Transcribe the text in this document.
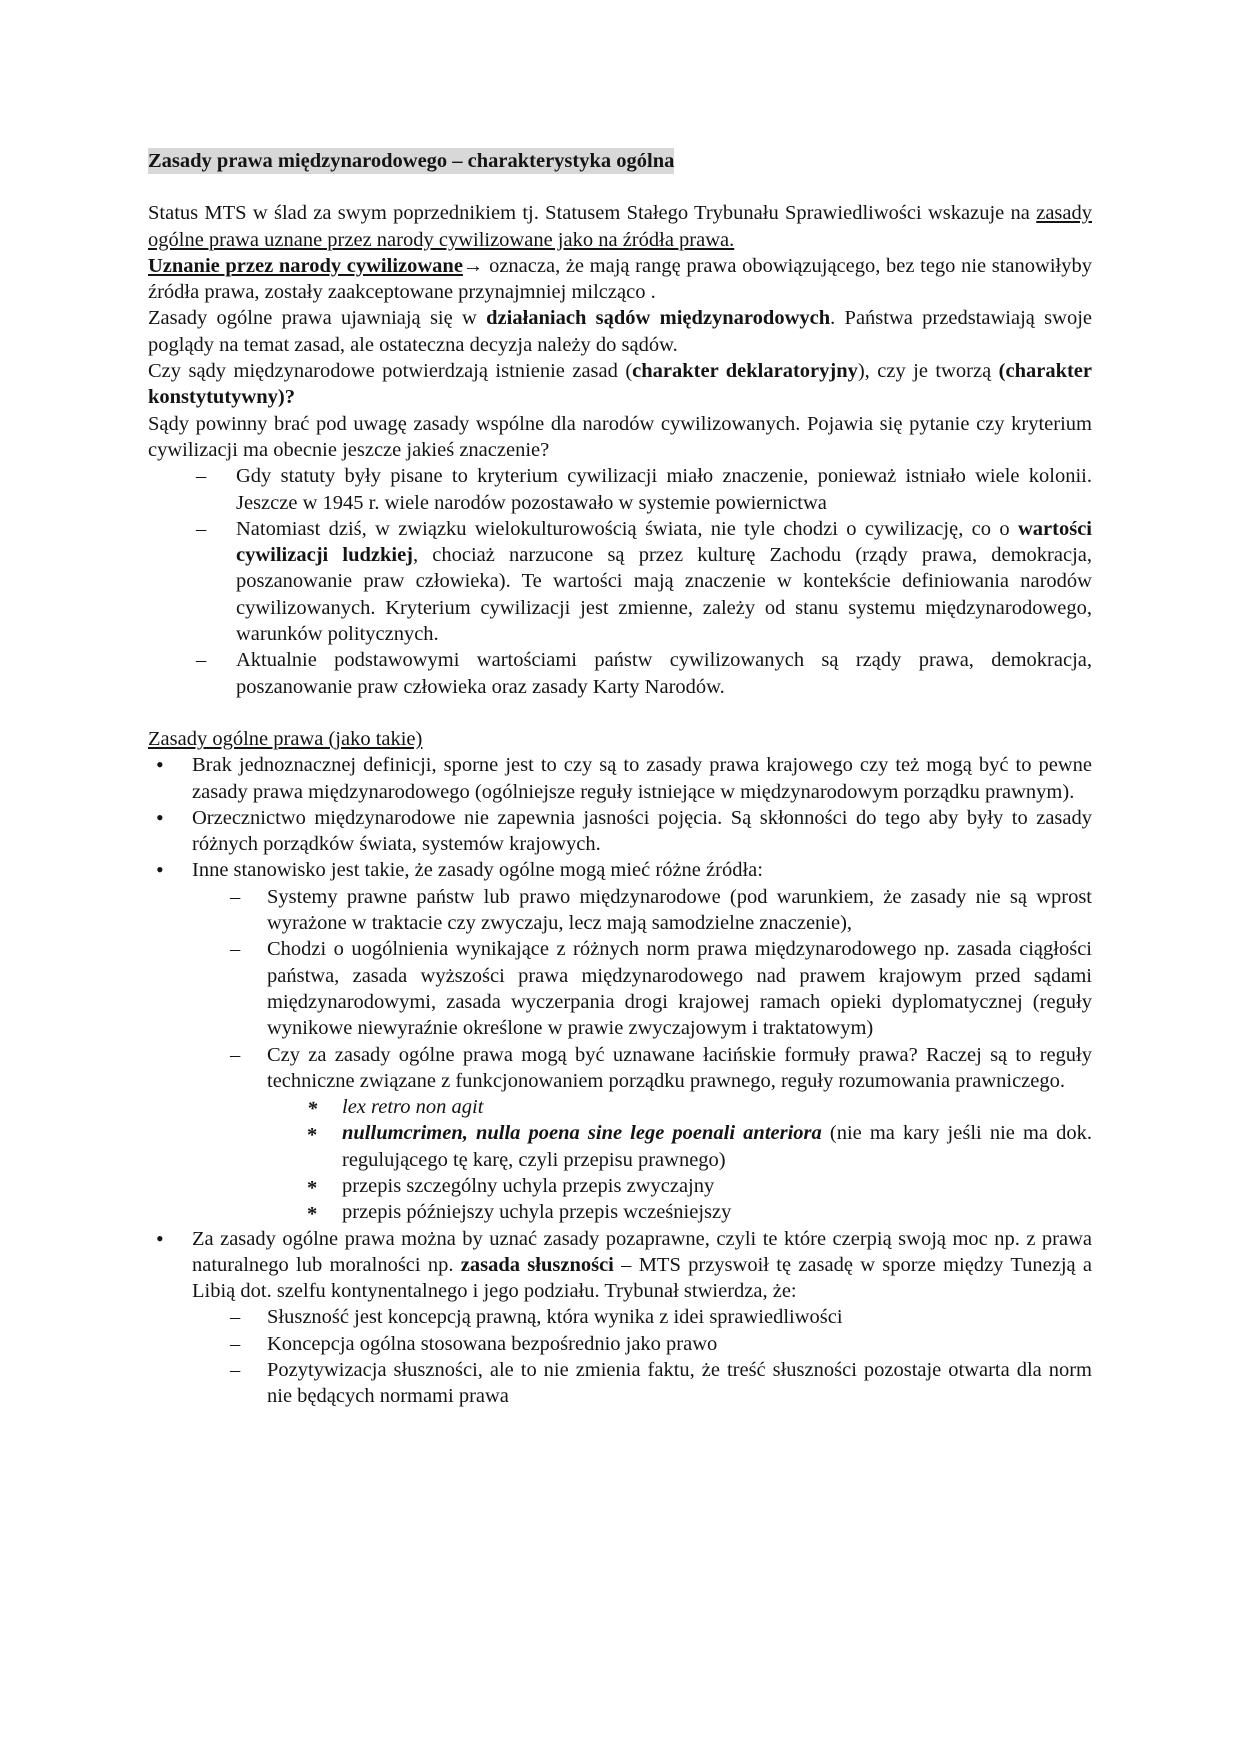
Zasady prawa międzynarodowego – charakterystyka ogólna

Status MTS w ślad za swym poprzednikiem tj. Statusem Stałego Trybunału Sprawiedliwości wskazuje na zasady ogólne prawa uznane przez narody cywilizowane jako na źródła prawa.

Uznanie przez narody cywilizowane→ oznacza, że mają rangę prawa obowiązującego, bez tego nie stanowiłyby źródła prawa, zostały zaakceptowane przynajmniej milcząco .

Zasady ogólne prawa ujawniają się w działaniach sądów międzynarodowych. Państwa przedstawiają swoje poglądy na temat zasad, ale ostateczna decyzja należy do sądów.

Czy sądy międzynarodowe potwierdzają istnienie zasad (charakter deklaratoryjny), czy je tworzą (charakter konstytutywny)?

Sądy powinny brać pod uwagę zasady wspólne dla narodów cywilizowanych. Pojawia się pytanie czy kryterium cywilizacji ma obecnie jeszcze jakieś znaczenie?

– Gdy statuty były pisane to kryterium cywilizacji miało znaczenie, ponieważ istniało wiele kolonii. Jeszcze w 1945 r. wiele narodów pozostawało w systemie powiernictwa
– Natomiast dziś, w związku wielokulturowością świata, nie tyle chodzi o cywilizację, co o wartości cywilizacji ludzkiej, chociaż narzucone są przez kulturę Zachodu (rządy prawa, demokracja, poszanowanie praw człowieka). Te wartości mają znaczenie w kontekście definiowania narodów cywilizowanych. Kryterium cywilizacji jest zmienne, zależy od stanu systemu międzynarodowego, warunków politycznych.
– Aktualnie podstawowymi wartościami państw cywilizowanych są rządy prawa, demokracja, poszanowanie praw człowieka oraz zasady Karty Narodów.

Zasady ogólne prawa (jako takie)

• Brak jednoznacznej definicji, sporne jest to czy są to zasady prawa krajowego czy też mogą być to pewne zasady prawa międzynarodowego (ogólniejsze reguły istniejące w międzynarodowym porządku prawnym).
• Orzecznictwo międzynarodowe nie zapewnia jasności pojęcia. Są skłonności do tego aby były to zasady różnych porządków świata, systemów krajowych.
• Inne stanowisko jest takie, że zasady ogólne mogą mieć różne źródła:
– Systemy prawne państw lub prawo międzynarodowe (pod warunkiem, że zasady nie są wprost wyrażone w traktacie czy zwyczaju, lecz mają samodzielne znaczenie),
– Chodzi o uogólnienia wynikające z różnych norm prawa międzynarodowego np. zasada ciągłości państwa, zasada wyższości prawa międzynarodowego nad prawem krajowym przed sądami międzynarodowymi, zasada wyczerpania drogi krajowej ramach opieki dyplomatycznej (reguły wynikowe niewyraźnie określone w prawie zwyczajowym i traktatowym)
– Czy za zasady ogólne prawa mogą być uznawane łacińskie formuły prawa? Raczej są to reguły techniczne związane z funkcjonowaniem porządku prawnego, reguły rozumowania prawniczego.
* lex retro non agit
* nullumcrimen, nulla poena sine lege poenali anteriora (nie ma kary jeśli nie ma dok. regulującego tę karę, czyli przepisu prawnego)
* przepis szczególny uchyla przepis zwyczajny
* przepis późniejszy uchyla przepis wcześniejszy
• Za zasady ogólne prawa można by uznać zasady pozaprawne, czyli te które czerpią swoją moc np. z prawa naturalnego lub moralności np. zasada słuszności – MTS przyswoił tę zasadę w sporze między Tunezją a Libią dot. szelfu kontynentalnego i jego podziału. Trybunał stwierdza, że:
– Słuszność jest koncepcją prawną, która wynika z idei sprawiedliwości
– Koncepcja ogólna stosowana bezpośrednio jako prawo
– Pozytywizacja słuszności, ale to nie zmienia faktu, że treść słuszności pozostaje otwarta dla norm nie będących normami prawa
